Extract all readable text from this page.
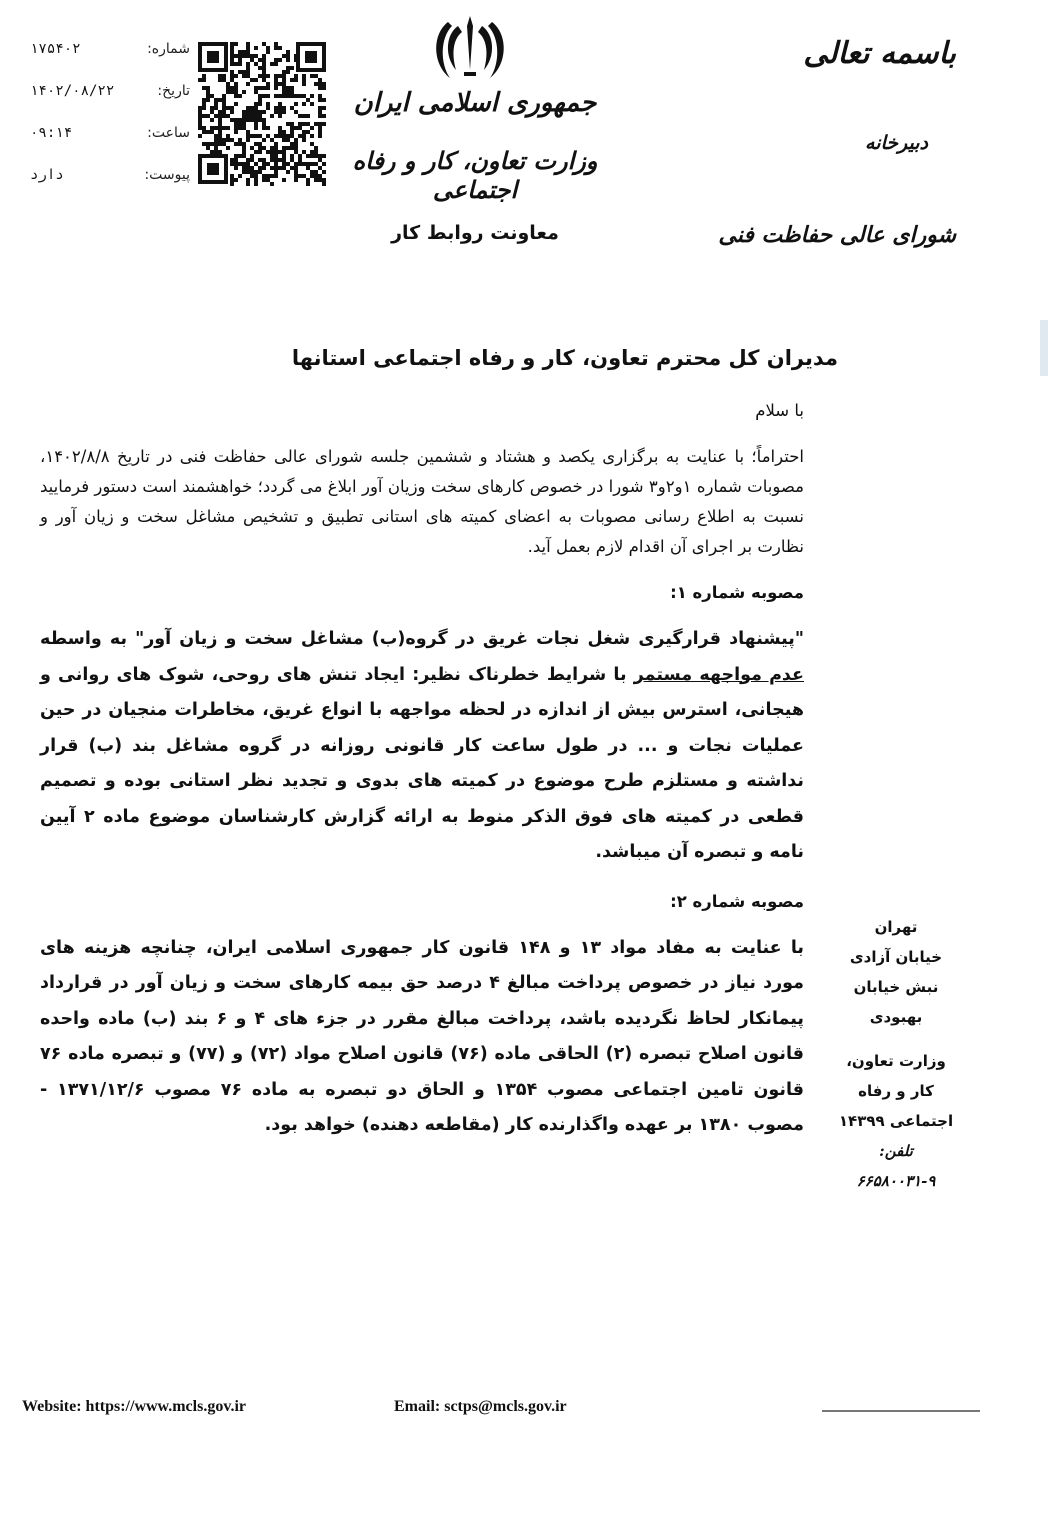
شماره:
۱۷۵۴۰۲
تاریخ:
۱۴۰۲/۰۸/۲۲
ساعت:
۰۹:۱۴
پیوست:
دارد
جمهوری اسلامی ایران
وزارت تعاون، کار و رفاه اجتماعی
معاونت روابط کار
باسمه تعالی
دبیرخانه
شورای عالی حفاظت فنی
مدیران کل محترم تعاون، کار و رفاه اجتماعی استانها

با سلام

احتراماً؛ با عنایت به برگزاری یکصد و هشتاد و ششمین جلسه شورای عالی حفاظت فنی در تاریخ ۱۴۰۲/۸/۸، مصوبات شماره ۱و۲و۳ شورا در خصوص کارهای سخت وزیان آور ابلاغ می گردد؛ خواهشمند است دستور فرمایید نسبت به اطلاع رسانی مصوبات به اعضای کمیته های استانی تطبیق و تشخیص مشاغل سخت و زیان آور و نظارت بر اجرای آن اقدام لازم بعمل آید.

مصوبه شماره ۱:

"پیشنهاد قرارگیری شغل نجات غریق در گروه(ب) مشاغل سخت و زیان آور" به واسطه عدم مواجهه مستمر با شرایط خطرناک نظیر: ایجاد تنش های روحی، شوک های روانی و هیجانی، استرس بیش از اندازه در لحظه مواجهه با انواع غریق، مخاطرات منجیان در حین عملیات نجات و ... در طول ساعت کار قانونی روزانه در گروه مشاغل بند (ب) قرار نداشته و مستلزم طرح موضوع در کمیته های بدوی و تجدید نظر استانی بوده و تصمیم قطعی در کمیته های فوق الذکر منوط به ارائه گزارش کارشناسان موضوع ماده ۲ آیین نامه و تبصره آن میباشد.

مصوبه شماره ۲:

با عنایت به مفاد مواد ۱۳ و ۱۴۸ قانون کار جمهوری اسلامی ایران، چنانچه هزینه های مورد نیاز در خصوص پرداخت مبالغ ۴ درصد حق بیمه کارهای سخت و زیان آور در قرارداد پیمانکار لحاظ نگردیده باشد، پرداخت مبالغ مقرر در جزء های ۴ و ۶ بند (ب) ماده واحده قانون اصلاح تبصره (۲) الحاقی ماده (۷۶) قانون اصلاح مواد (۷۲) و (۷۷) و تبصره ماده ۷۶ قانون تامین اجتماعی مصوب ۱۳۵۴ و الحاق دو تبصره به ماده ۷۶ مصوب ۱۳۷۱/۱۲/۶ - مصوب ۱۳۸۰ بر عهده واگذارنده کار (مقاطعه دهنده) خواهد بود.

تهران
خیابان آزادی
نبش خیابان
بهبودی
وزارت تعاون،
کار و رفاه
اجتماعی ۱۴۳۹۹
تلفن:
۶۶۵۸۰۰۳۱-۹
Website: https://www.mcls.gov.ir	Email: sctps@mcls.gov.ir
